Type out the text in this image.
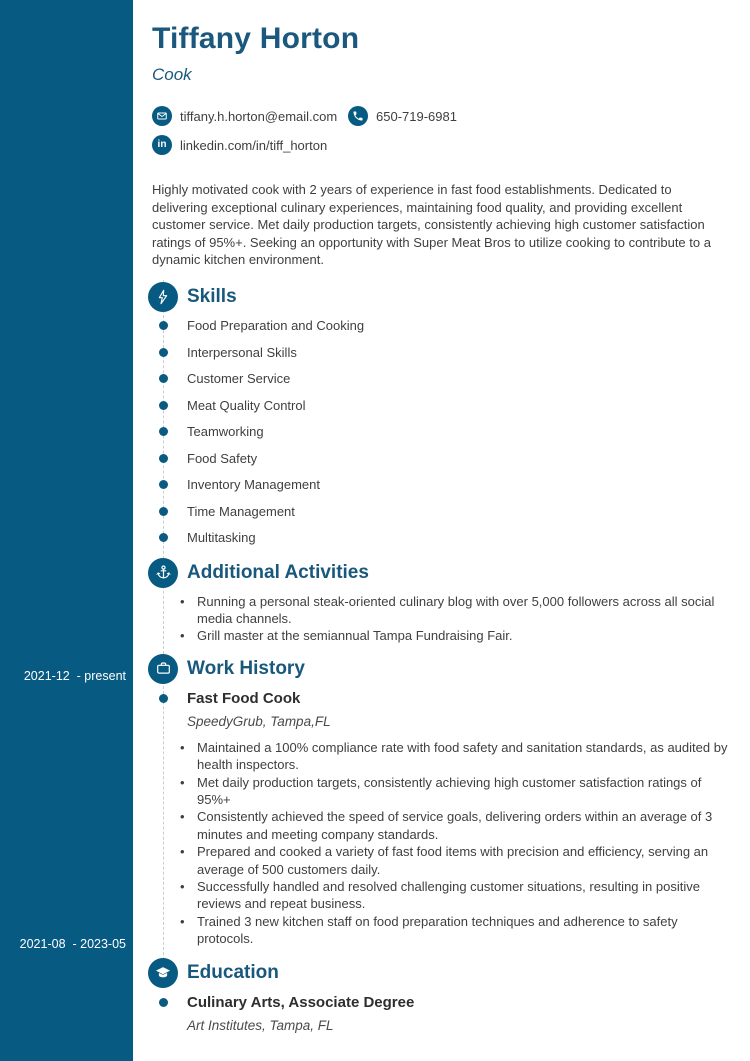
2021-12  - present
2021-08  - 2023-05
Tiffany Horton
Cook
tiffany.h.horton@email.com	650-719-6981
in linkedin.com/in/tiff_horton
Highly motivated cook with 2 years of experience in fast food establishments. Dedicated to delivering exceptional culinary experiences, maintaining food quality, and providing excellent customer service. Met daily production targets, consistently achieving high customer satisfaction ratings of 95%+. Seeking an opportunity with Super Meat Bros to utilize cooking to contribute to a dynamic kitchen environment.
Skills
Food Preparation and Cooking
Interpersonal Skills
Customer Service
Meat Quality Control
Teamworking
Food Safety
Inventory Management
Time Management
Multitasking
Additional Activities
• Running a personal steak-oriented culinary blog with over 5,000 followers across all social media channels.
• Grill master at the semiannual Tampa Fundraising Fair.
Work History
Fast Food Cook
SpeedyGrub, Tampa,FL
• Maintained a 100% compliance rate with food safety and sanitation standards, as audited by health inspectors.
• Met daily production targets, consistently achieving high customer satisfaction ratings of 95%+
• Consistently achieved the speed of service goals, delivering orders within an average of 3 minutes and meeting company standards.
• Prepared and cooked a variety of fast food items with precision and efficiency, serving an average of 500 customers daily.
• Successfully handled and resolved challenging customer situations, resulting in positive reviews and repeat business.
• Trained 3 new kitchen staff on food preparation techniques and adherence to safety protocols.
Education
Culinary Arts, Associate Degree
Art Institutes, Tampa, FL
